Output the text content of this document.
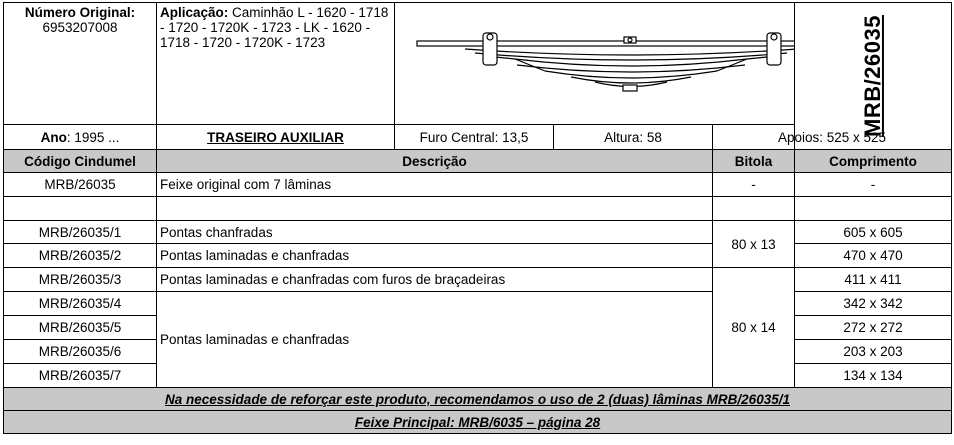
Número Original:
6953207008	Aplicação: Caminhão L - 1620 - 1718 - 1720 - 1720K - 1723 - LK - 1620 - 1718 - 1720 - 1720K - 1723				MRB/26035
Ano: 1995 ...	TRASEIRO AUXILIAR	Furo Central: 13,5	Altura: 58	Apoios: 525 x 525	
Código Cindumel	Descrição			Bitola	Comprimento
MRB/26035	Feixe original com 7 lâminas			-	-

MRB/26035/1	Pontas chanfradas			80 x 13	605 x 605
MRB/26035/2	Pontas laminadas e chanfradas				470 x 470
MRB/26035/3	Pontas laminadas e chanfradas com furos de braçadeiras			80 x 14	411 x 411
MRB/26035/4	Pontas laminadas e chanfradas				342 x 342
MRB/26035/5					272 x 272
MRB/26035/6					203 x 203
MRB/26035/7					134 x 134
Na necessidade de reforçar este produto, recomendamos o uso de 2 (duas) lâminas MRB/26035/1					
Feixe Principal: MRB/6035 – página 28					
